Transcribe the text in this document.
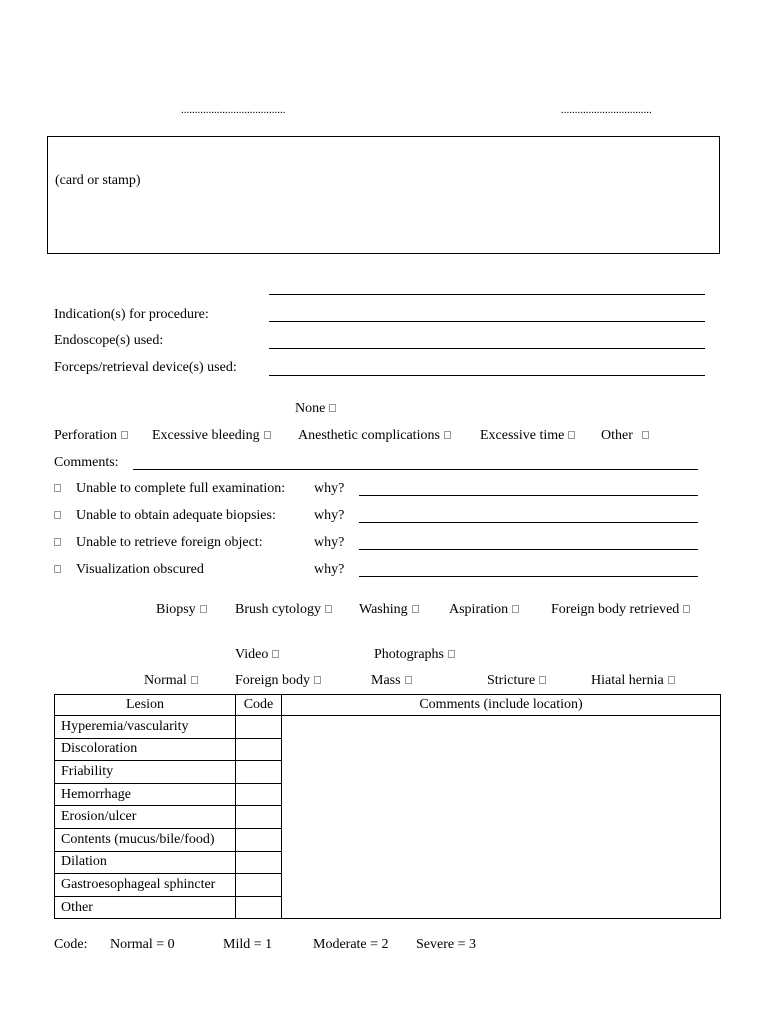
......................................	.................................
(card or stamp)
Indication(s) for procedure:
Endoscope(s) used:
Forceps/retrieval device(s) used:
None
Perforation	Excessive bleeding	Anesthetic complications	Excessive time	Other
Comments:
Unable to complete full examination: why?
Unable to obtain adequate biopsies:	why?
Unable to retrieve foreign object:	why?
Visualization obscured	why?
Biopsy	Brush cytology	Washing	Aspiration	Foreign body retrieved
Video	Photographs
Normal	Foreign body	Mass	Stricture	Hiatal hernia
Lesion	Code	Comments (include location)
Hyperemia/vascularity		
Discoloration		
Friability		
Hemorrhage		
Erosion/ulcer		
Contents (mucus/bile/food)		
Dilation		
Gastroesophageal sphincter		
Other		
Code: Normal = 0	Mild = 1	Moderate = 2 Severe = 3
